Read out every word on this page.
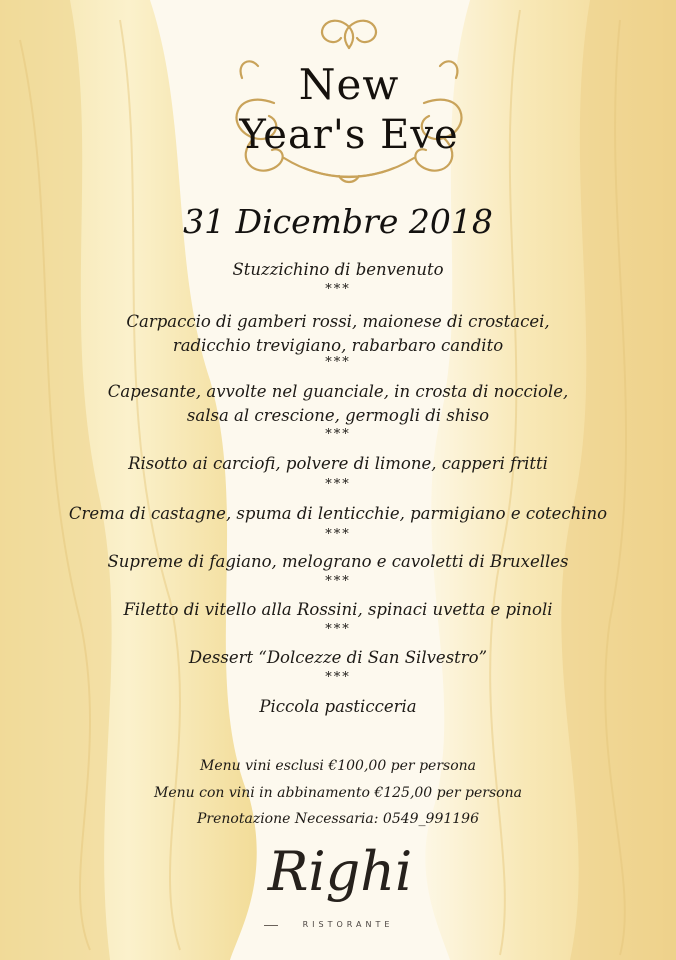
New
Year's Eve
31 Dicembre 2018
Stuzzichino di benvenuto
***
Carpaccio di gamberi rossi, maionese di crostacei,
radicchio trevigiano, rabarbaro candito
***
Capesante, avvolte nel guanciale, in crosta di nocciole,
salsa al crescione, germogli di shiso
***
Risotto ai carciofi, polvere di limone, capperi fritti
***
Crema di castagne, spuma di lenticchie, parmigiano e cotechino
***
Supreme di fagiano, melograno e cavoletti di Bruxelles
***
Filetto di vitello alla Rossini, spinaci uvetta e pinoli
***
Dessert “Dolcezze di San Silvestro”
***
Piccola pasticceria
Menu vini esclusi €100,00 per persona
Menu con vini in abbinamento €125,00 per persona
Prenotazione Necessaria: 0549_991196
Righi
RISTORANTE
